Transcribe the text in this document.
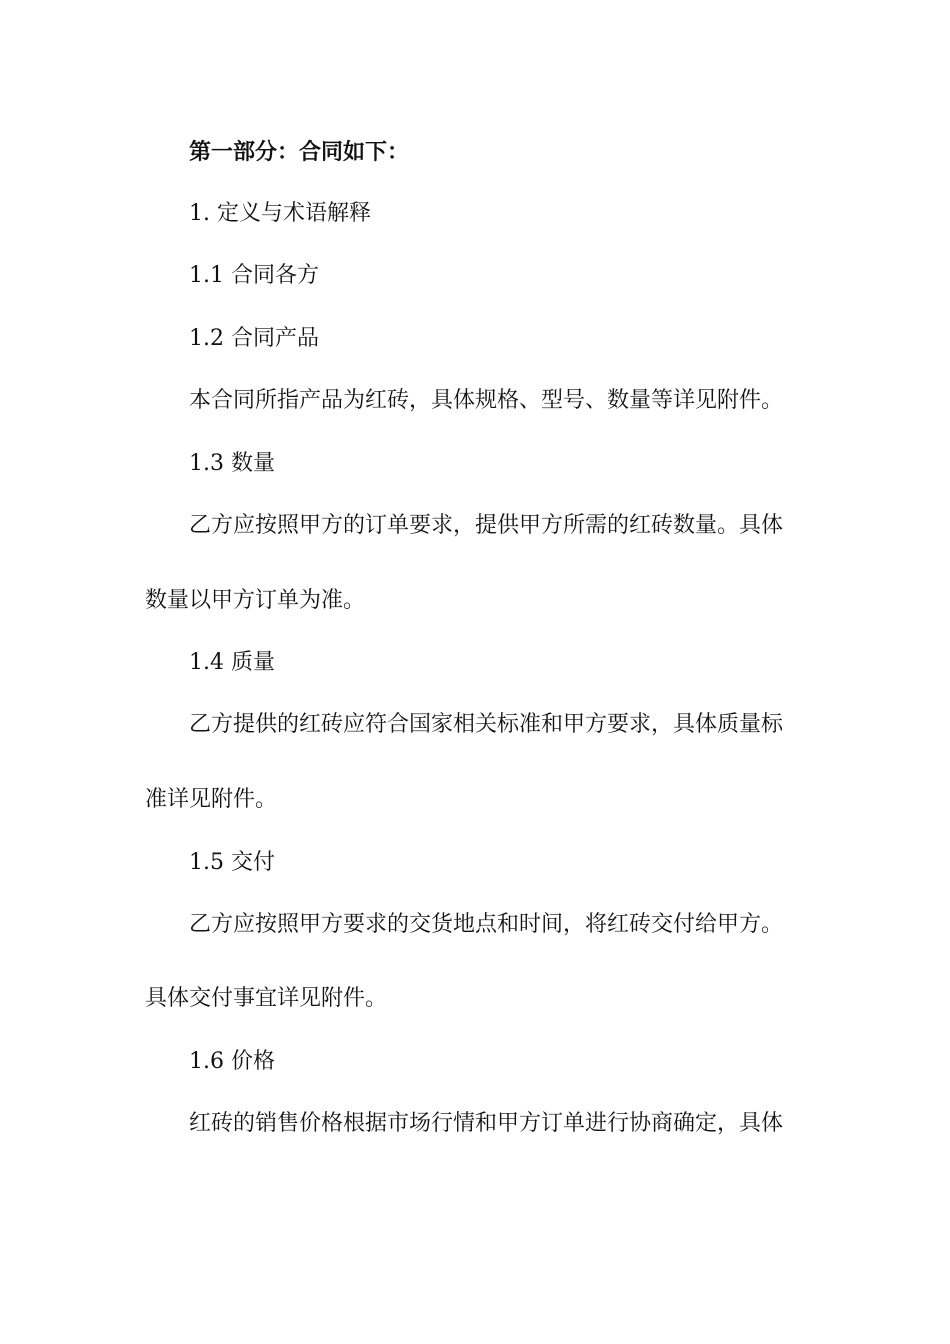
第一部分：合同如下：

1. 定义与术语解释

1.1 合同各方

1.2 合同产品

本合同所指产品为红砖，具体规格、型号、数量等详见附件。

1.3 数量

乙方应按照甲方的订单要求，提供甲方所需的红砖数量。具体

数量以甲方订单为准。

1.4 质量

乙方提供的红砖应符合国家相关标准和甲方要求，具体质量标

准详见附件。

1.5 交付

乙方应按照甲方要求的交货地点和时间，将红砖交付给甲方。

具体交付事宜详见附件。

1.6 价格

红砖的销售价格根据市场行情和甲方订单进行协商确定，具体
